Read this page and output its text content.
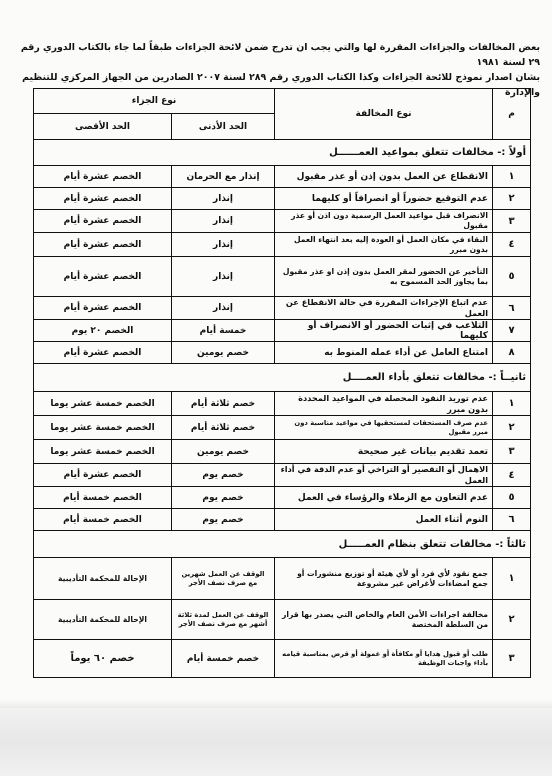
بعض المخالفات والجزاءات المقررة لها والتي يجب ان تدرج ضمن لائحة الجزاءات طبقاً لما جاء بالكتاب الدوري رقم ٢٩ لسنة ١٩٨١
بشان اصدار نموذج للائحة الجزاءات وكذا الكتاب الدوري رقم ٢٨٩ لسنة ٢٠٠٧ الصادرين من الجهاز المركزي للتنظيم والإدارة
م	نوع المخالفة	نوع الجزاء	
		الحد الأدنى	الحد الأقصى
أولاً :- مخالفات تتعلق بمواعيد العمــــــل			
١	الانقطاع عن العمل بدون إذن أو عذر مقبول	إنذار مع الحرمان	الخصم عشرة أيام
٢	عدم التوقيع حضوراً أو انصرافاً أو كليهما	إنذار	الخصم عشرة أيام
٣	الانصراف قبل مواعيد العمل الرسمية دون اذن أو عذر مقبول	إنذار	الخصم عشرة أيام
٤	البقاء في مكان العمل أو العودة إليه بعد انتهاء العمل بدون مبرر	إنذار	الخصم عشرة أيام
٥	التأخير عن الحضور لمقر العمل بدون إذن او عذر مقبول بما يجاوز الحد المسموح به	إنذار	الخصم عشرة أيام
٦	عدم اتباع الإجراءات المقررة في حالة الانقطاع عن العمل	إنذار	الخصم عشرة أيام
٧	التلاعب في إثبات الحضور أو الانصراف أو كليهما	خمسة أيام	الخصم ٢٠ يوم
٨	امتناع العامل عن أداء عمله المنوط به	خصم يومين	الخصم عشرة أيام
ثانيــاً :- مخالفات تتعلق بأداء العمــــل			
١	عدم توريد النقود المحصلة في المواعيد المحددة بدون مبرر	خصم ثلاثة أيام	الخصم خمسة عشر يوما
٢	عدم صرف المستحقات لمستحقيها في مواعيد مناسبة دون مبرر مقبول	خصم ثلاثة أيام	الخصم خمسة عشر يوما
٣	تعمد تقديم بيانات غير صحيحة	خصم يومين	الخصم خمسة عشر يوما
٤	الاهمال أو التقصير أو التراخي أو عدم الدقة في أداء العمل	خصم يوم	الخصم عشرة أيام
٥	عدم التعاون مع الزملاء والرؤساء في العمل	خصم يوم	الخصم خمسة أيام
٦	النوم أثناء العمل	خصم يوم	الخصم خمسة أيام
ثالثاً :- مخالفات تتعلق بنظام العمـــــل			
١	جمع نقود لأي فرد أو لأي هيئة أو توزيع منشورات أو جمع امضاءات لأغراض غير مشروعة	الوقف عن العمل شهرين مع صرف نصف الأجر	الإحالة للمحكمة التأديبية
٢	مخالفة اجراءات الأمن العام والخاص التي يصدر بها قرار من السلطة المختصة	الوقف عن العمل لمدة ثلاثة أشهر مع صرف نصف الأجر	الإحالة للمحكمة التأديبية
٣	طلب أو قبول هدايا أو مكافأة أو عمولة أو قرض بمناسبة قيامه بأداء واجبات الوظيفة	خصم خمسة أيام	خصم ٦٠ يوماً
